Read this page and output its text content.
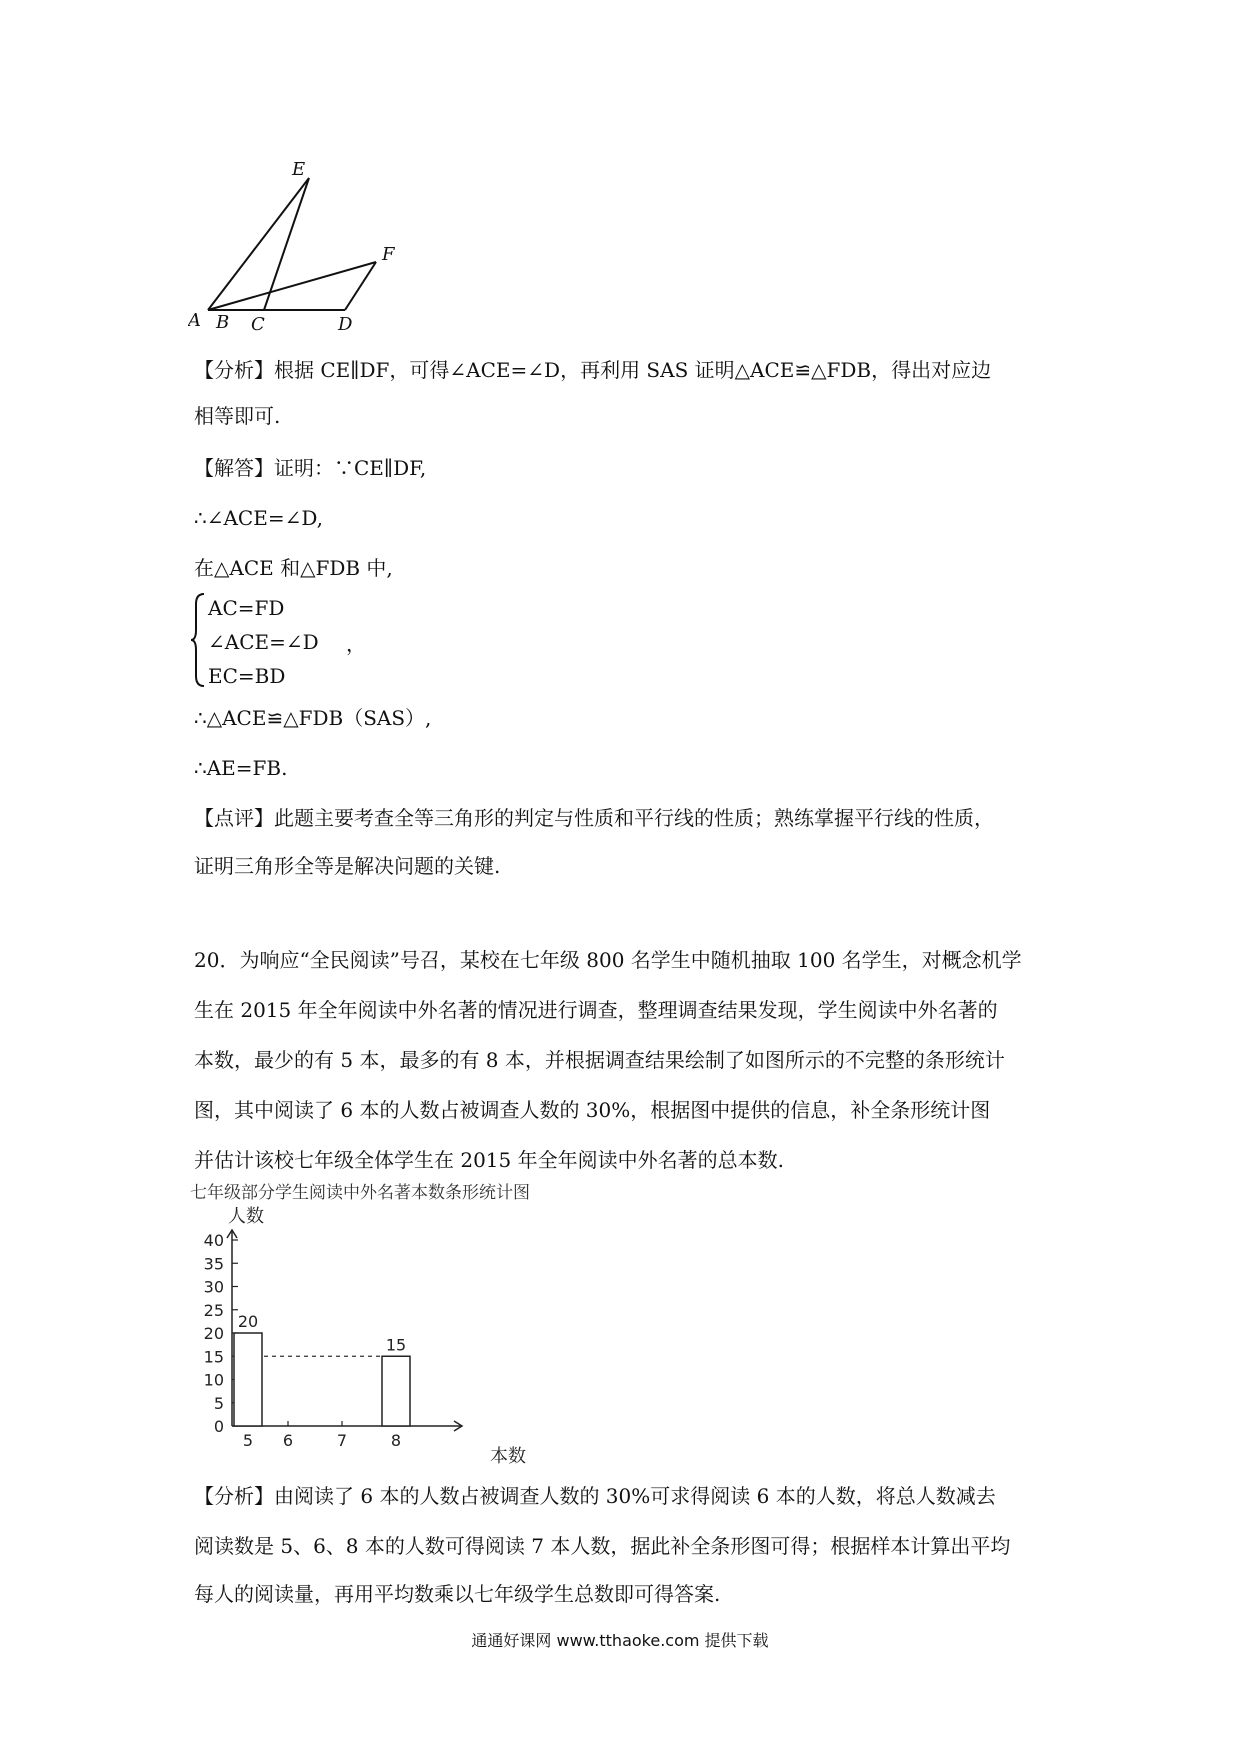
E
F
A B C	D
【分析】根据 CE∥DF，可得∠ACE=∠D，再利用 SAS 证明△ACE≌△FDB，得出对应边
相等即可.
【解答】证明：∵CE∥DF,
∴∠ACE=∠D,
在△ACE 和△FDB 中,
AC=FD
∠ACE=∠D
EC=BD
，
∴△ACE≌△FDB（SAS）,
∴AE=FB.
【点评】此题主要考查全等三角形的判定与性质和平行线的性质；熟练掌握平行线的性质，
证明三角形全等是解决问题的关键.
20．为响应“全民阅读”号召，某校在七年级 800 名学生中随机抽取 100 名学生，对概念机学
生在 2015 年全年阅读中外名著的情况进行调查，整理调查结果发现，学生阅读中外名著的
本数，最少的有 5 本，最多的有 8 本，并根据调查结果绘制了如图所示的不完整的条形统计
图，其中阅读了 6 本的人数占被调查人数的 30%，根据图中提供的信息，补全条形统计图
并估计该校七年级全体学生在 2015 年全年阅读中外名著的总本数.
七年级部分学生阅读中外名著本数条形统计图
人数
本数
0
5
10
15
20
25
30
35
40
20
5 6	7
15
8
【分析】由阅读了 6 本的人数占被调查人数的 30%可求得阅读 6 本的人数，将总人数减去
阅读数是 5、6、8 本的人数可得阅读 7 本人数，据此补全条形图可得；根据样本计算出平均
每人的阅读量，再用平均数乘以七年级学生总数即可得答案.
通通好课网 www.tthaoke.com 提供下载
